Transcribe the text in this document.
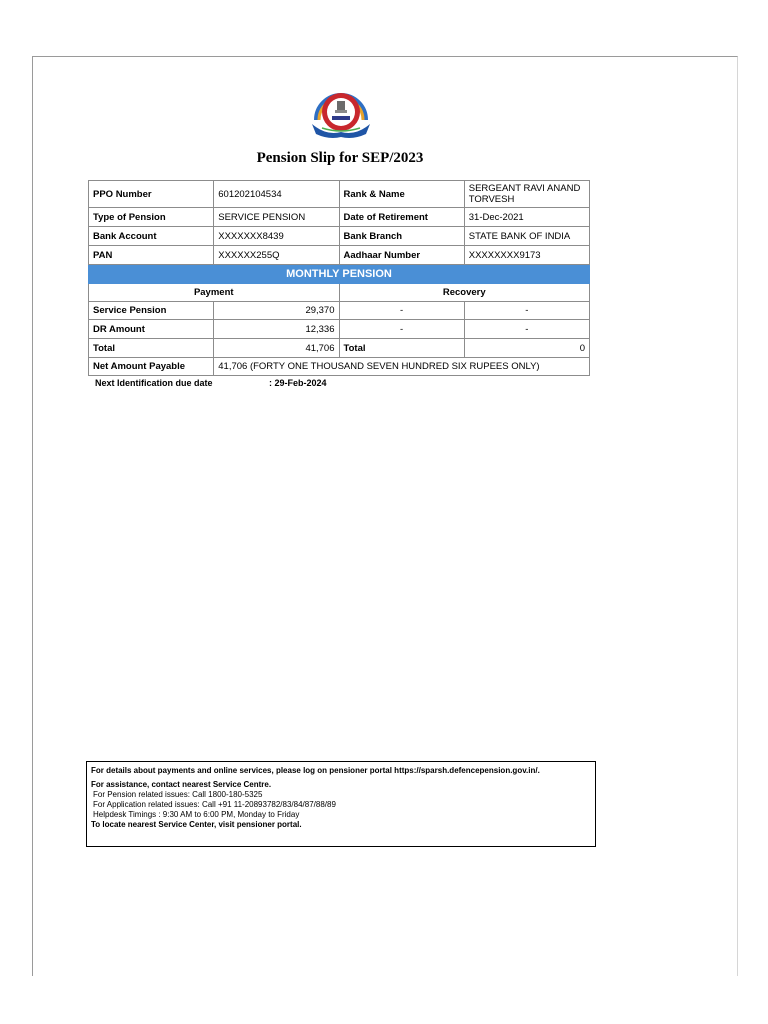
Pension Slip for SEP/2023
PPO Number	601202104534	Rank & Name	SERGEANT RAVI ANAND TORVESH
Type of Pension	SERVICE PENSION	Date of Retirement	31-Dec-2021
Bank Account	XXXXXXX8439	Bank Branch	STATE BANK OF INDIA
PAN	XXXXXX255Q	Aadhaar Number	XXXXXXXX9173
MONTHLY PENSION			
Payment		Recovery	
Service Pension	29,370	-	-
DR Amount	12,336	-	-
Total	41,706	Total	0
Net Amount Payable	41,706 (FORTY ONE THOUSAND SEVEN HUNDRED SIX RUPEES ONLY)		
Next Identification due date	: 29-Feb-2024
For details about payments and online services, please log on pensioner portal https://sparsh.defencepension.gov.in/.
For assistance, contact nearest Service Centre.
For Pension related issues: Call 1800-180-5325
For Application related issues: Call +91 11-20893782/83/84/87/88/89
Helpdesk Timings : 9:30 AM to 6:00 PM, Monday to Friday
To locate nearest Service Center, visit pensioner portal.
